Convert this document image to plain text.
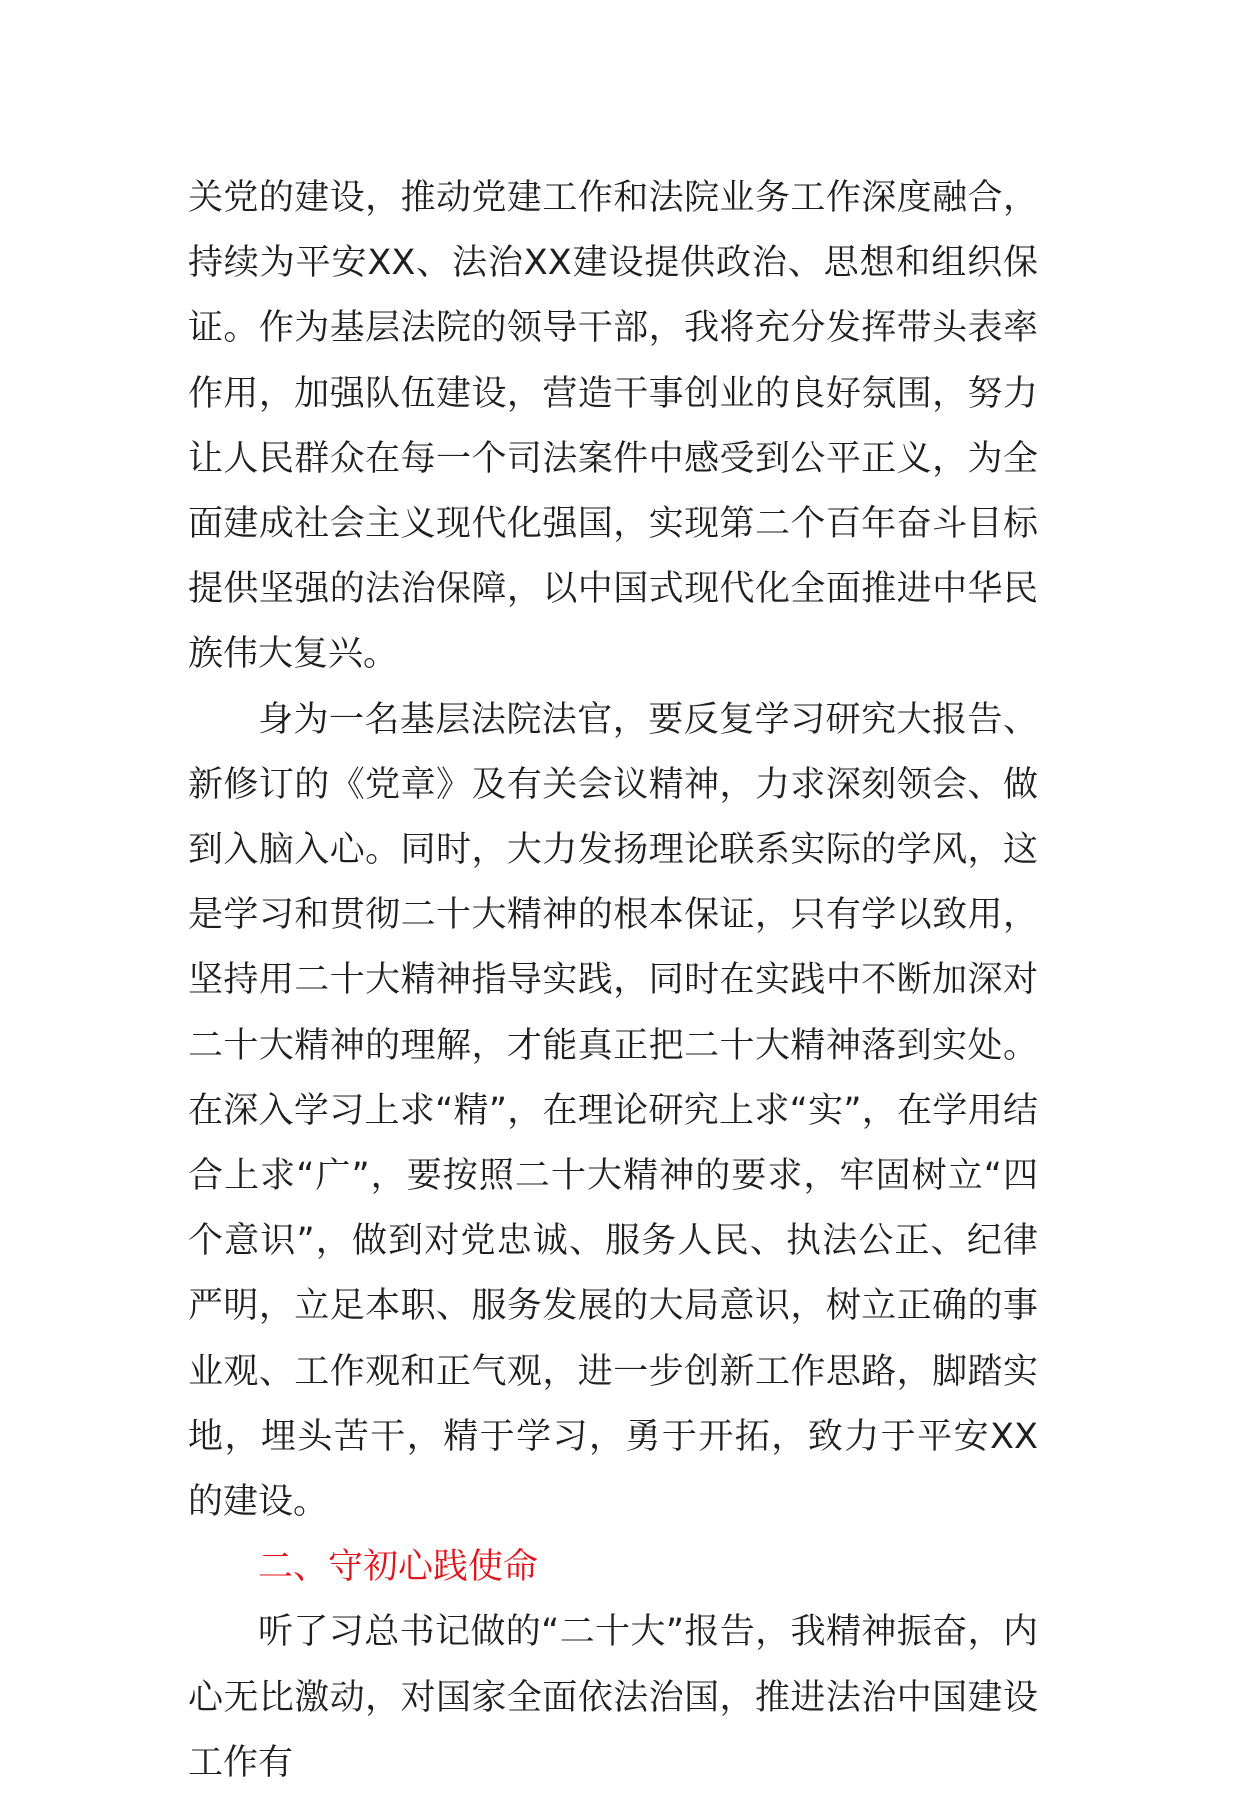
关党的建设，推动党建工作和法院业务工作深度融合，持续为平安XX、法治XX建设提供政治、思想和组织保证。作为基层法院的领导干部，我将充分发挥带头表率作用，加强队伍建设，营造干事创业的良好氛围，努力让人民群众在每一个司法案件中感受到公平正义，为全面建成社会主义现代化强国，实现第二个百年奋斗目标提供坚强的法治保障，以中国式现代化全面推进中华民族伟大复兴。

身为一名基层法院法官，要反复学习研究大报告、新修订的《党章》及有关会议精神，力求深刻领会、做到入脑入心。同时，大力发扬理论联系实际的学风，这是学习和贯彻二十大精神的根本保证，只有学以致用，坚持用二十大精神指导实践，同时在实践中不断加深对二十大精神的理解，才能真正把二十大精神落到实处。在深入学习上求“精”，在理论研究上求“实”，在学用结合上求“广”，要按照二十大精神的要求，牢固树立“四个意识”，做到对党忠诚、服务人民、执法公正、纪律严明，立足本职、服务发展的大局意识，树立正确的事业观、工作观和正气观，进一步创新工作思路，脚踏实地，埋头苦干，精于学习，勇于开拓，致力于平安XX的建设。

二、守初心践使命

听了习总书记做的“二十大”报告，我精神振奋，内心无比激动，对国家全面依法治国，推进法治中国建设工作有
